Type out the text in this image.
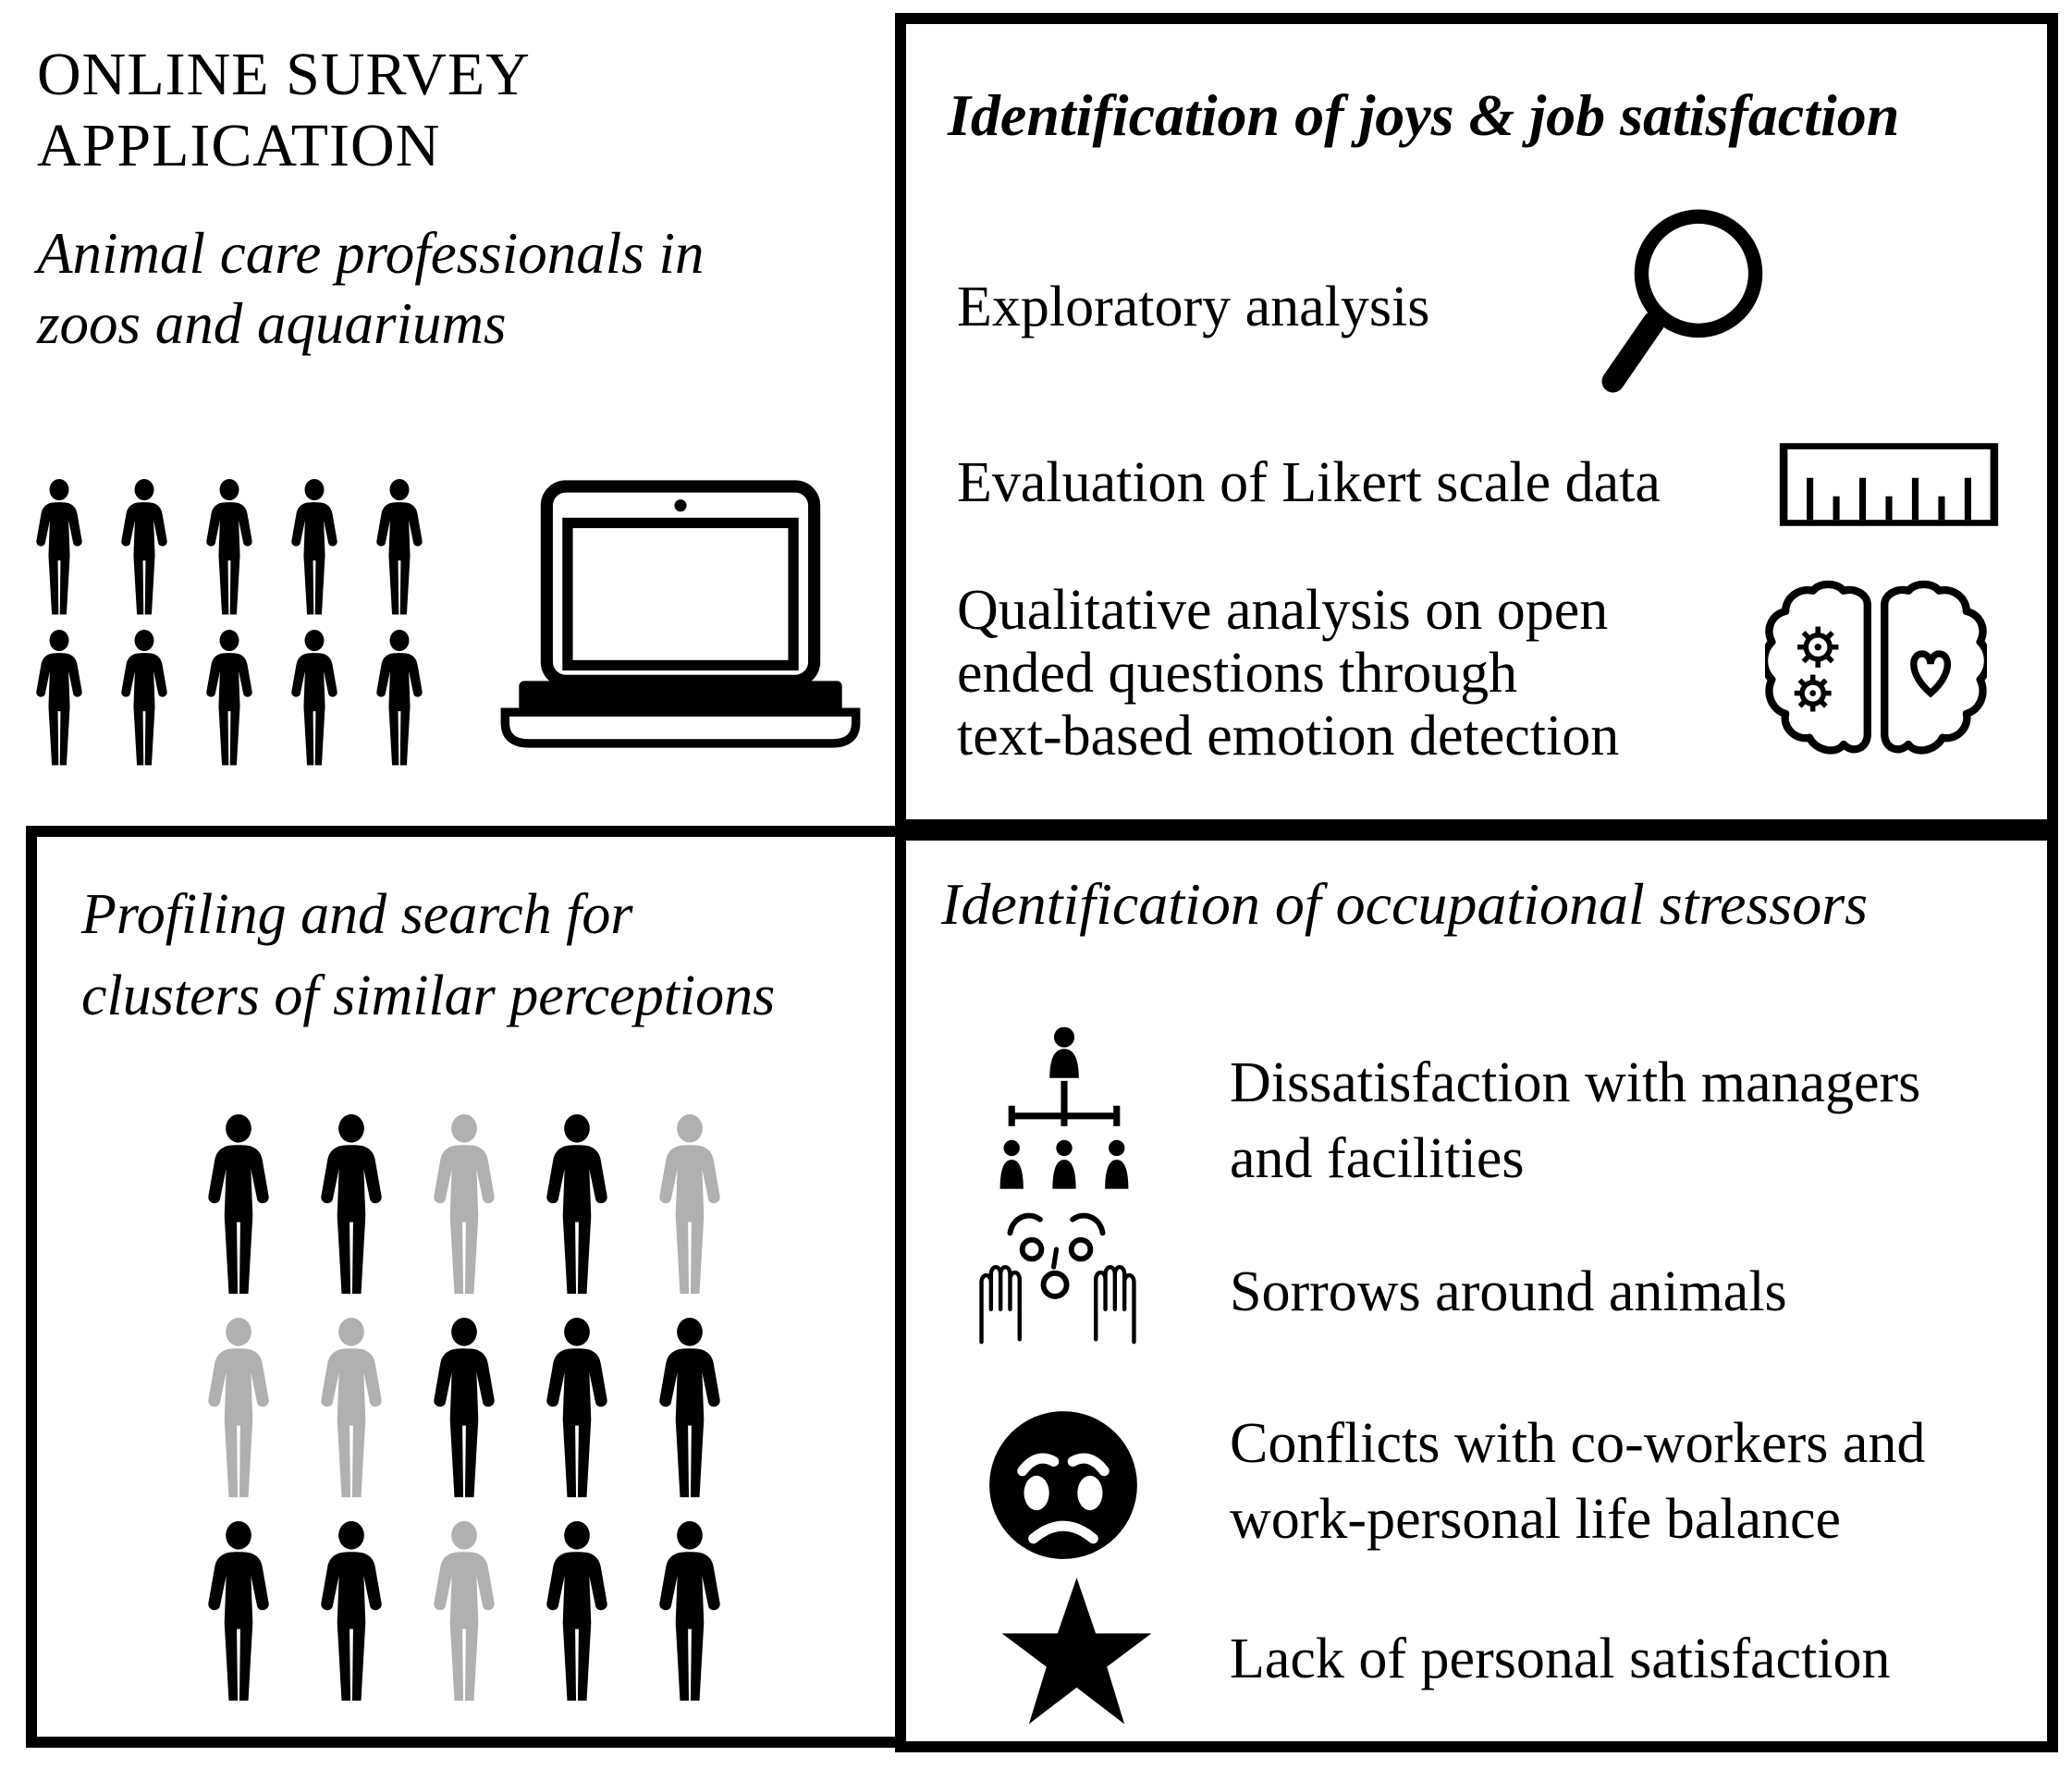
ONLINE SURVEY
APPLICATION
Animal care professionals in
zoos and aquariums
Identification of joys & job satisfaction
Exploratory analysis
Evaluation of Likert scale data
Qualitative analysis on open
ended questions through
text-based emotion detection
Profiling and search for
clusters of similar perceptions
Identification of occupational stressors
Dissatisfaction with managers
and facilities
Sorrows around animals
Conflicts with co-workers and
work-personal life balance
Lack of personal satisfaction
